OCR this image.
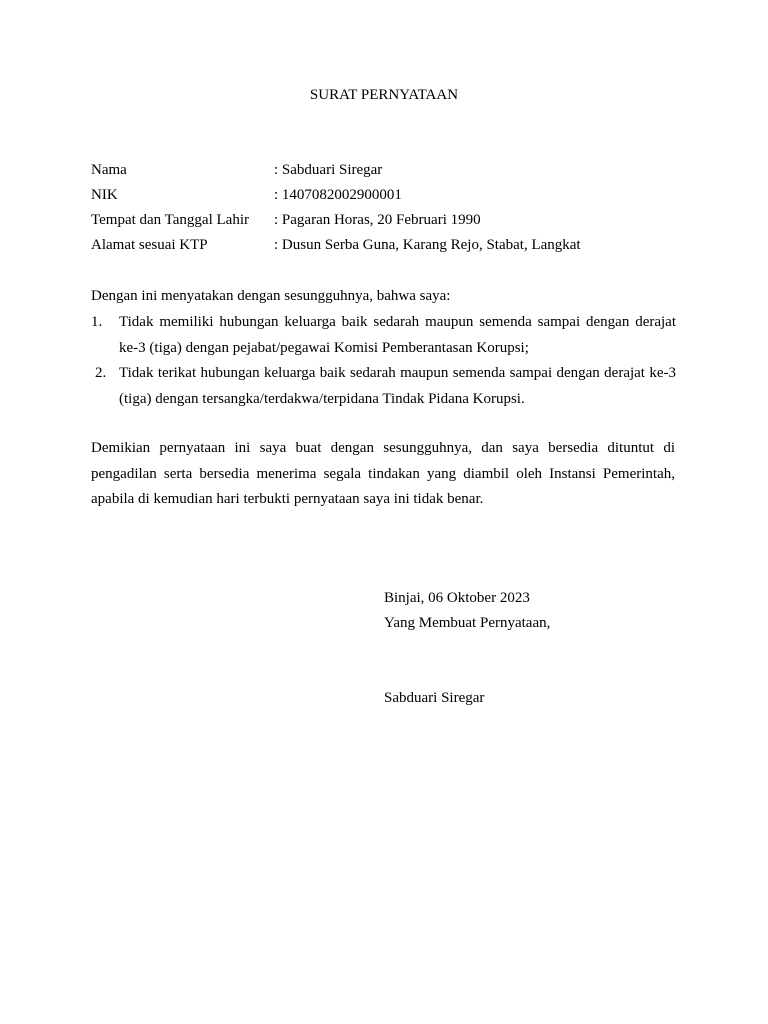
SURAT PERNYATAAN
Nama	: Sabduari Siregar
NIK	: 1407082002900001
Tempat dan Tanggal Lahir : Pagaran Horas, 20 Februari 1990
Alamat sesuai KTP	: Dusun Serba Guna, Karang Rejo, Stabat, Langkat
Dengan ini menyatakan dengan sesungguhnya, bahwa saya:
1. Tidak memiliki hubungan keluarga baik sedarah maupun semenda sampai dengan derajat ke-3 (tiga) dengan pejabat/pegawai Komisi Pemberantasan Korupsi;
2. Tidak terikat hubungan keluarga baik sedarah maupun semenda sampai dengan derajat ke-3 (tiga) dengan tersangka/terdakwa/terpidana Tindak Pidana Korupsi.
Demikian pernyataan ini saya buat dengan sesungguhnya, dan saya bersedia dituntut di pengadilan serta bersedia menerima segala tindakan yang diambil oleh Instansi Pemerintah, apabila di kemudian hari terbukti pernyataan saya ini tidak benar.
Binjai, 06 Oktober 2023
Yang Membuat Pernyataan,
Sabduari Siregar
